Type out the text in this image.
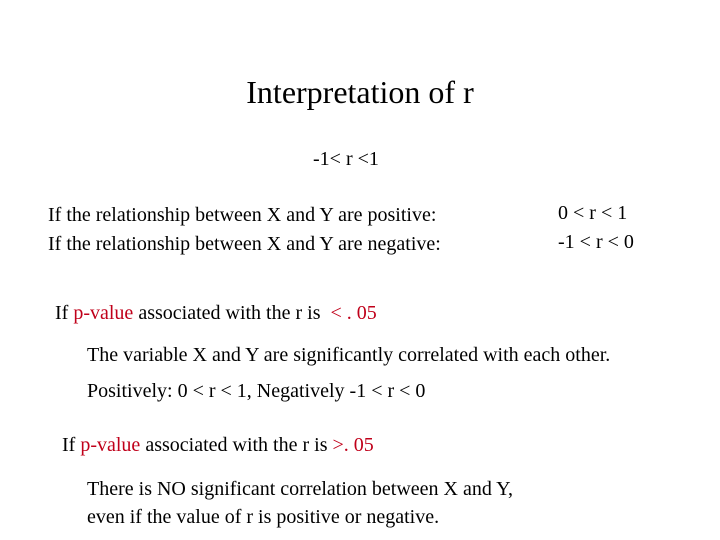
Interpretation of r
-1< r <1
If the relationship between X and Y are positive:	0 < r < 1
If the relationship between X and Y are negative:	-1 < r < 0
If p-value associated with the r is  < . 05
The variable X and Y are significantly correlated with each other.
Positively: 0 < r < 1, Negatively -1 < r < 0
If p-value associated with the r is >. 05
There is NO significant correlation between X and Y,
even if the value of r is positive or negative.
